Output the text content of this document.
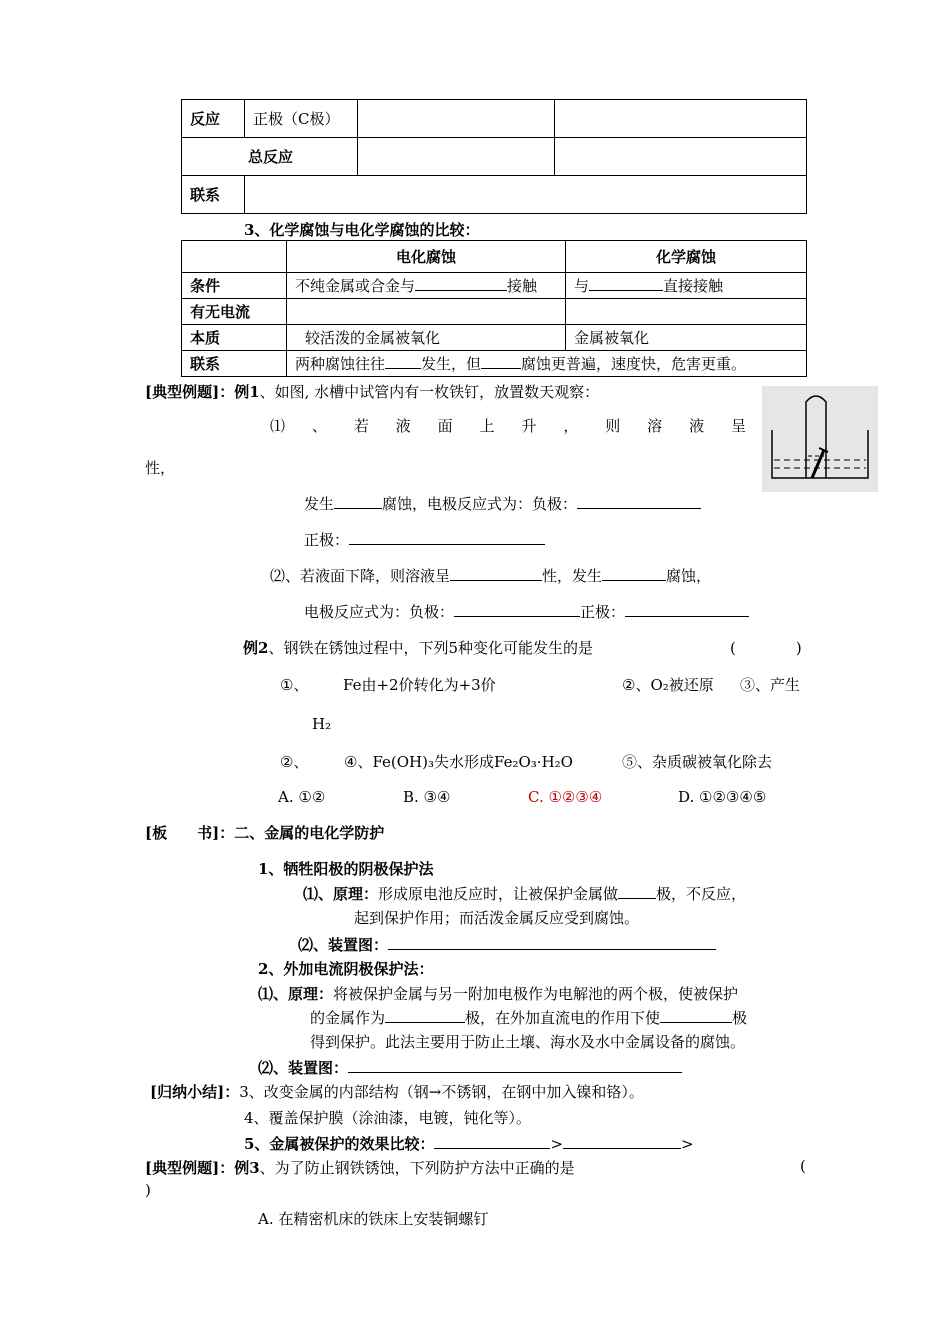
反应	正极（C极）		
总反应			
联系			
3、化学腐蚀与电化学腐蚀的比较：
	电化腐蚀	化学腐蚀
条件	不纯金属或合金与 接触	与 直接接触
有无电流		
本质	较活泼的金属被氧化	金属被氧化
联系	两种腐蚀往往 发生，但 腐蚀更普遍，速度快，危害更重。	
[典型例题]：例1、如图, 水槽中试管内有一枚铁钉，放置数天观察：
⑴ 、 若 液 面 上 升 ， 则 溶 液 呈
性，
发生	腐蚀，电极反应式为：负极：
正极：
⑵、若液面下降，则溶液呈	性，发生	腐蚀，
电极反应式为：负极：	正极：
例2、钢铁在锈蚀过程中，下列5种变化可能发生的是	(　　　　)
①、 Fe由+2价转化为+3价	②、O₂被还原 ③、产生
H₂
②、 ④、Fe(OH)₃失水形成Fe₂O₃·H₂O	⑤、杂质碳被氧化除去
A. ①②	B. ③④	C. ①②③④	D. ①②③④⑤
[板　　书]：二、金属的电化学防护
1、牺牲阳极的阴极保护法
⑴、原理：形成原电池反应时，让被保护金属做	极，不反应，
起到保护作用；而活泼金属反应受到腐蚀。
⑵、装置图：
2、外加电流阴极保护法：
⑴、原理：将被保护金属与另一附加电极作为电解池的两个极，使被保护
的金属作为	极，在外加直流电的作用下使	极
得到保护。此法主要用于防止土壤、海水及水中金属设备的腐蚀。
⑵、装置图：
[归纳小结]：3、改变金属的内部结构（钢→不锈钢，在钢中加入镍和铬）。
4、覆盖保护膜（涂油漆，电镀，钝化等）。
5、金属被保护的效果比较：	>	>
[典型例题]：例3、为了防止钢铁锈蚀，下列防护方法中正确的是	(
)
A. 在精密机床的铁床上安装铜螺钉
